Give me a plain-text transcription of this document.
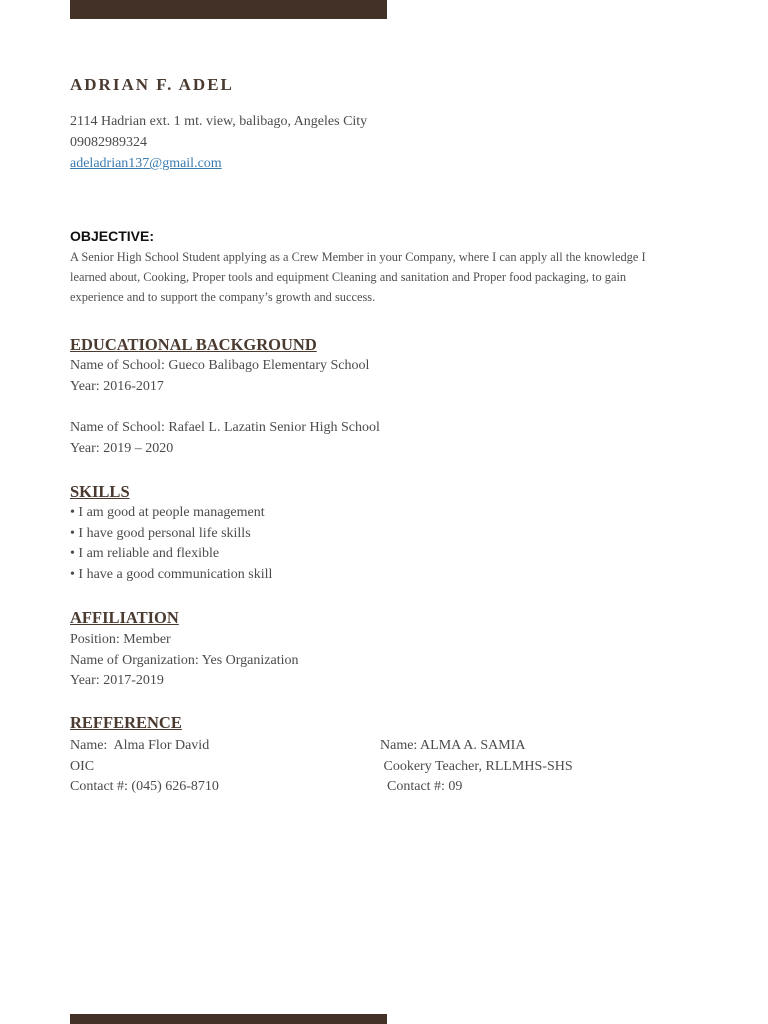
ADRIAN F. ADEL
2114 Hadrian ext. 1 mt. view, balibago, Angeles City
09082989324
adeladrian137@gmail.com
OBJECTIVE:
A Senior High School Student applying as a Crew Member in your Company, where I can apply all the knowledge I learned about, Cooking, Proper tools and equipment Cleaning and sanitation and Proper food packaging, to gain experience and to support the company’s growth and success.
EDUCATIONAL BACKGROUND
Name of School: Gueco Balibago Elementary School
Year: 2016-2017
Name of School: Rafael L. Lazatin Senior High School
Year: 2019 – 2020
SKILLS
• I am good at people management
• I have good personal life skills
• I am reliable and flexible
• I have a good communication skill
AFFILIATION
Position: Member
Name of Organization: Yes Organization
Year: 2017-2019
REFFERENCE
Name:  Alma Flor David
OIC
Contact #: (045) 626-8710
Name: ALMA A. SAMIA
Cookery Teacher, RLLMHS-SHS
Contact #: 09
